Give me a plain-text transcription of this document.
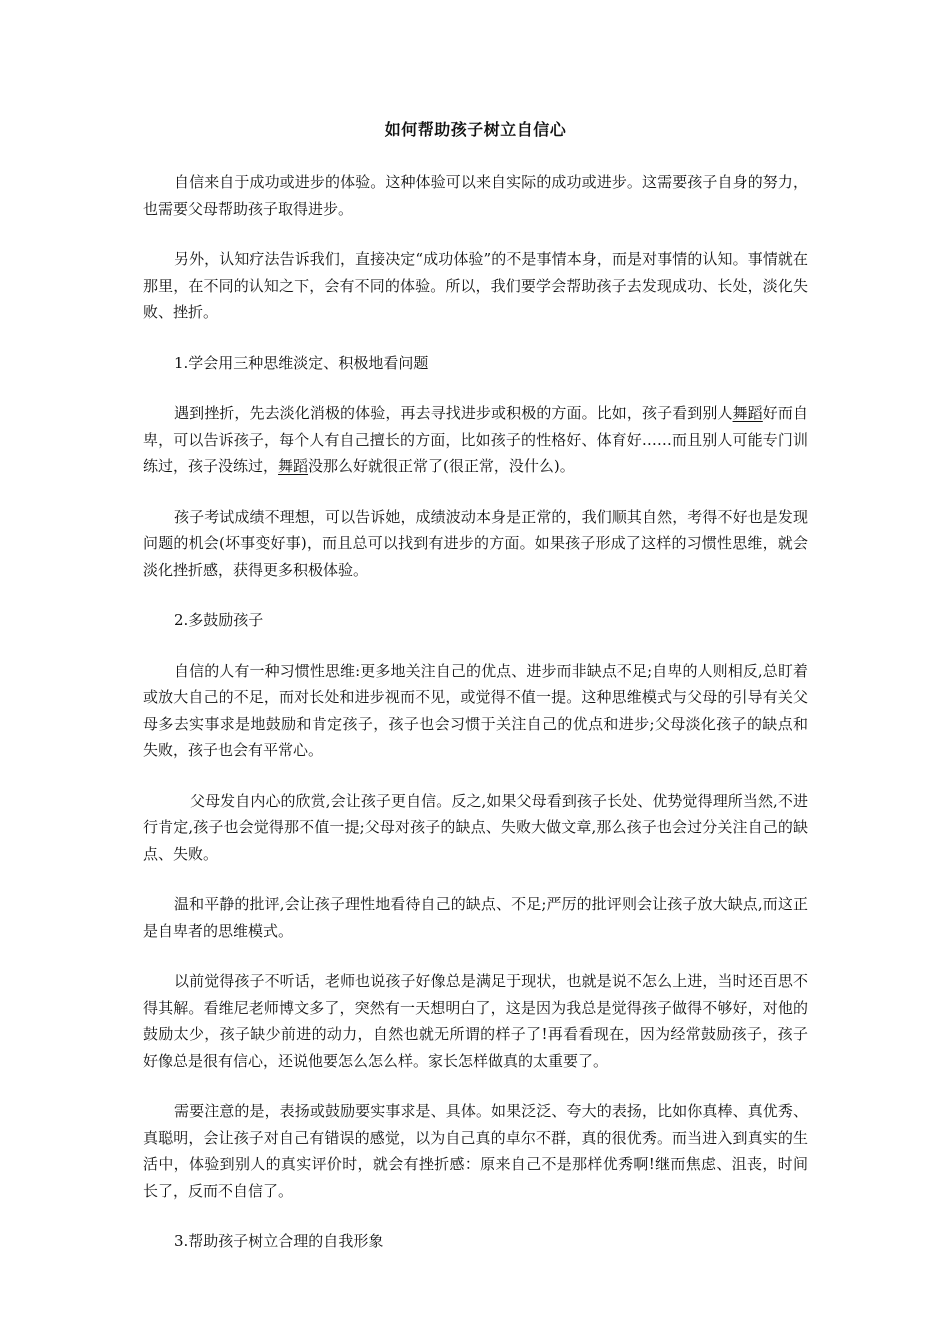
如何帮助孩子树立自信心
自信来自于成功或进步的体验。这种体验可以来自实际的成功或进步。这需要孩子自身的努力，也需要父母帮助孩子取得进步。
另外，认知疗法告诉我们，直接决定“成功体验”的不是事情本身，而是对事情的认知。事情就在那里，在不同的认知之下，会有不同的体验。所以，我们要学会帮助孩子去发现成功、长处，淡化失败、挫折。
1.学会用三种思维淡定、积极地看问题
遇到挫折，先去淡化消极的体验，再去寻找进步或积极的方面。比如，孩子看到别人舞蹈好而自卑，可以告诉孩子，每个人有自己擅长的方面，比如孩子的性格好、体育好……而且别人可能专门训练过，孩子没练过，舞蹈没那么好就很正常了(很正常，没什么)。
孩子考试成绩不理想，可以告诉她，成绩波动本身是正常的，我们顺其自然，考得不好也是发现问题的机会(坏事变好事)，而且总可以找到有进步的方面。如果孩子形成了这样的习惯性思维，就会淡化挫折感，获得更多积极体验。
2.多鼓励孩子
自信的人有一种习惯性思维:更多地关注自己的优点、进步而非缺点不足;自卑的人则相反,总盯着或放大自己的不足，而对长处和进步视而不见，或觉得不值一提。这种思维模式与父母的引导有关父母多去实事求是地鼓励和肯定孩子，孩子也会习惯于关注自己的优点和进步;父母淡化孩子的缺点和失败，孩子也会有平常心。
父母发自内心的欣赏,会让孩子更自信。反之,如果父母看到孩子长处、优势觉得理所当然,不进行肯定,孩子也会觉得那不值一提;父母对孩子的缺点、失败大做文章,那么孩子也会过分关注自己的缺点、失败。
温和平静的批评,会让孩子理性地看待自己的缺点、不足;严厉的批评则会让孩子放大缺点,而这正是自卑者的思维模式。
以前觉得孩子不听话，老师也说孩子好像总是满足于现状，也就是说不怎么上进，当时还百思不得其解。看维尼老师博文多了，突然有一天想明白了，这是因为我总是觉得孩子做得不够好，对他的鼓励太少，孩子缺少前进的动力，自然也就无所谓的样子了!再看看现在，因为经常鼓励孩子，孩子好像总是很有信心，还说他要怎么怎么样。家长怎样做真的太重要了。
需要注意的是，表扬或鼓励要实事求是、具体。如果泛泛、夸大的表扬，比如你真棒、真优秀、真聪明，会让孩子对自己有错误的感觉，以为自己真的卓尔不群，真的很优秀。而当进入到真实的生活中，体验到别人的真实评价时，就会有挫折感：原来自己不是那样优秀啊!继而焦虑、沮丧，时间长了，反而不自信了。
3.帮助孩子树立合理的自我形象
